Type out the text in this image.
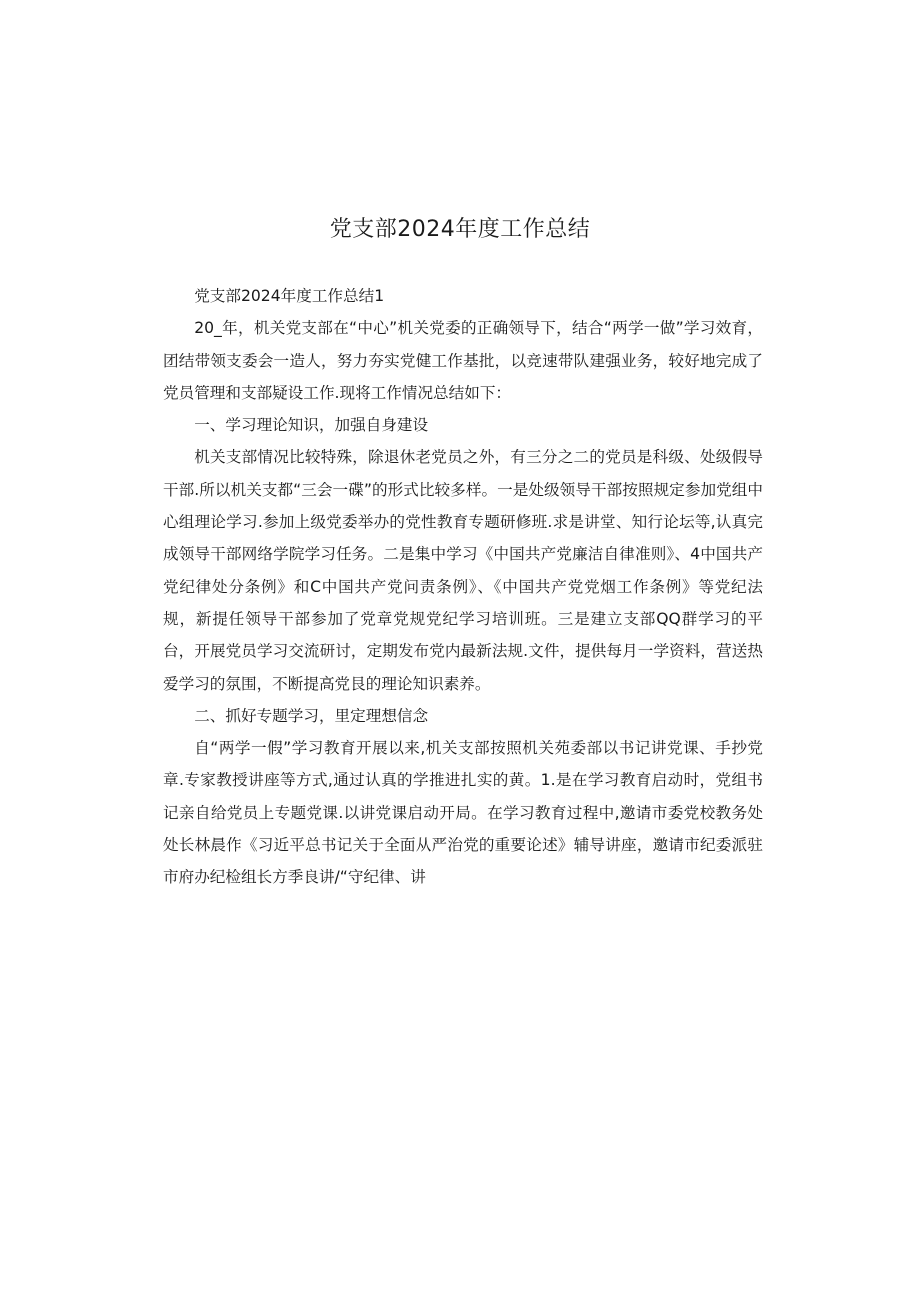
党支部2024年度工作总结

党支部2024年度工作总结1

20_年，机关党支部在“中心”机关党委的正确领导下，结合“两学一做”学习效育，团结带领支委会一造人，努力夯实党健工作基批，以竞速带队建强业务，较好地完成了党员管理和支部疑设工作.现将工作情况总结如下：

一、学习理论知识，加强自身建设

机关支部情况比较特殊，除退休老党员之外，有三分之二的党员是科级、处级假导干部.所以机关支都“三会一碟”的形式比较多样。一是处级领导干部按照规定参加党组中心组理论学习.参加上级党委举办的党性教育专题研修班.求是讲堂、知行论坛等,认真完成领导干部网络学院学习任务。二是集中学习《中国共产党廉洁自律准则》、4中国共产党纪律处分条例》和C中国共产党问责条例》、《中国共产党党烟工作条例》等党纪法规，新提任领导干部参加了党章党规党纪学习培训班。三是建立支部QQ群学习的平台，开展党员学习交流研讨，定期发布党内最新法规.文件，提供每月一学资料，营送热爱学习的氛围，不断提高党艮的理论知识素养。

二、抓好专题学习，里定理想信念

自“两学一假”学习教育开展以来,机关支部按照机关苑委部以书记讲党课、手抄党章.专家教授讲座等方式,通过认真的学推进扎实的黄。1.是在学习教育启动时，党组书记亲自给党员上专题党课.以讲党课启动开局。在学习教育过程中,邀请市委党校教务处处长林晨作《习近平总书记关于全面从严治党的重要论述》辅导讲座，邀请市纪委派驻市府办纪检组长方季良讲/“守纪律、讲
